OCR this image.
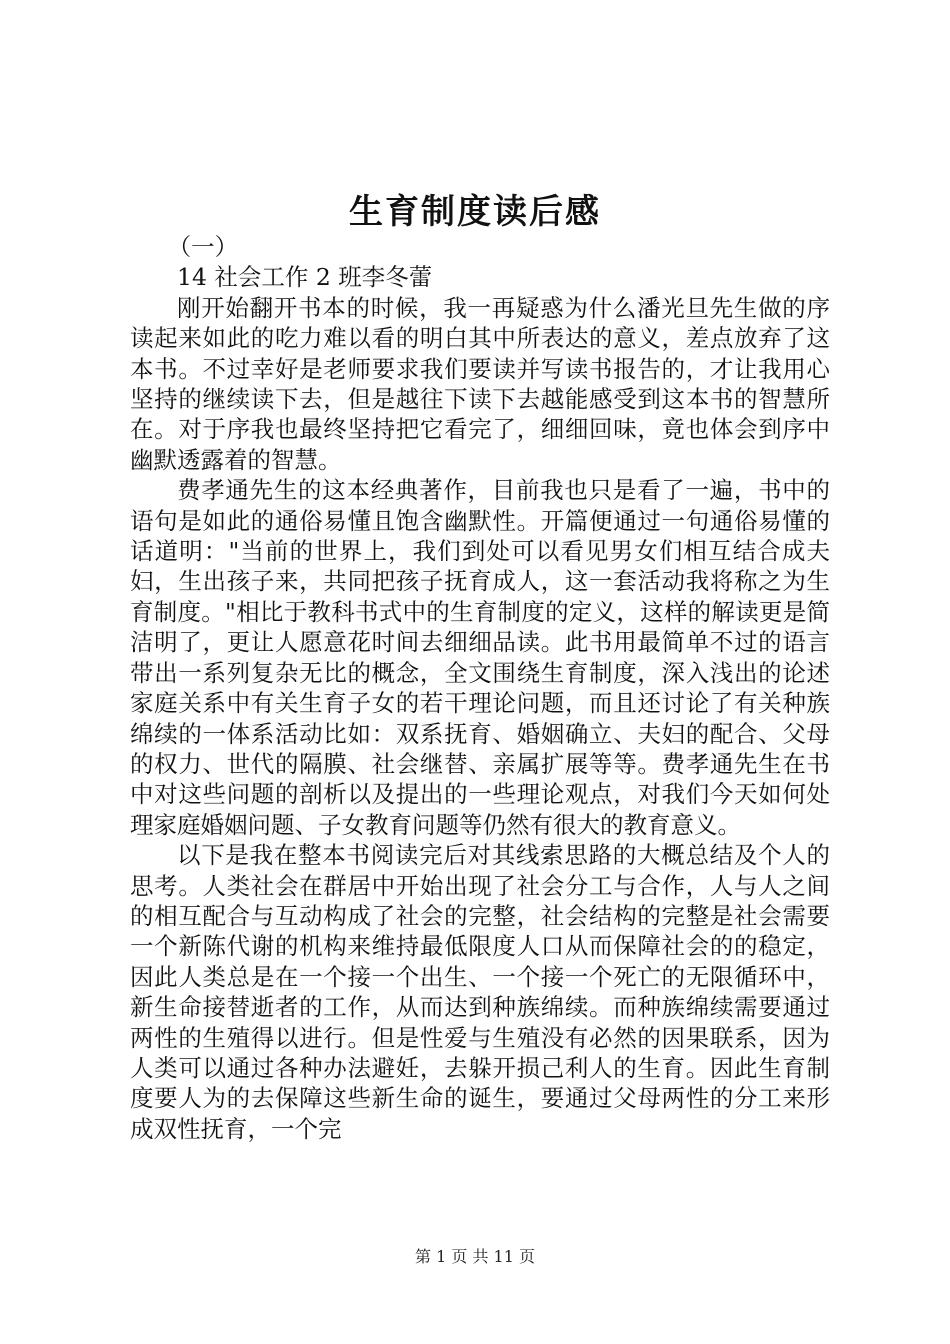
生育制度读后感

（一）

14 社会工作 2 班李冬蕾

刚开始翻开书本的时候，我一再疑惑为什么潘光旦先生做的序读起来如此的吃力难以看的明白其中所表达的意义，差点放弃了这本书。不过幸好是老师要求我们要读并写读书报告的，才让我用心坚持的继续读下去，但是越往下读下去越能感受到这本书的智慧所在。对于序我也最终坚持把它看完了，细细回味，竟也体会到序中幽默透露着的智慧。

费孝通先生的这本经典著作，目前我也只是看了一遍，书中的语句是如此的通俗易懂且饱含幽默性。开篇便通过一句通俗易懂的话道明："当前的世界上，我们到处可以看见男女们相互结合成夫妇，生出孩子来，共同把孩子抚育成人，这一套活动我将称之为生育制度。"相比于教科书式中的生育制度的定义，这样的解读更是简洁明了，更让人愿意花时间去细细品读。此书用最简单不过的语言带出一系列复杂无比的概念，全文围绕生育制度，深入浅出的论述家庭关系中有关生育子女的若干理论问题，而且还讨论了有关种族绵续的一体系活动比如：双系抚育、婚姻确立、夫妇的配合、父母的权力、世代的隔膜、社会继替、亲属扩展等等。费孝通先生在书中对这些问题的剖析以及提出的一些理论观点，对我们今天如何处理家庭婚姻问题、子女教育问题等仍然有很大的教育意义。

以下是我在整本书阅读完后对其线索思路的大概总结及个人的思考。人类社会在群居中开始出现了社会分工与合作，人与人之间的相互配合与互动构成了社会的完整，社会结构的完整是社会需要一个新陈代谢的机构来维持最低限度人口从而保障社会的的稳定，因此人类总是在一个接一个出生、一个接一个死亡的无限循环中，新生命接替逝者的工作，从而达到种族绵续。而种族绵续需要通过两性的生殖得以进行。但是性爱与生殖没有必然的因果联系，因为人类可以通过各种办法避妊，去躲开损己利人的生育。因此生育制度要人为的去保障这些新生命的诞生，要通过父母两性的分工来形成双性抚育，一个完

第 1 页 共 11 页
